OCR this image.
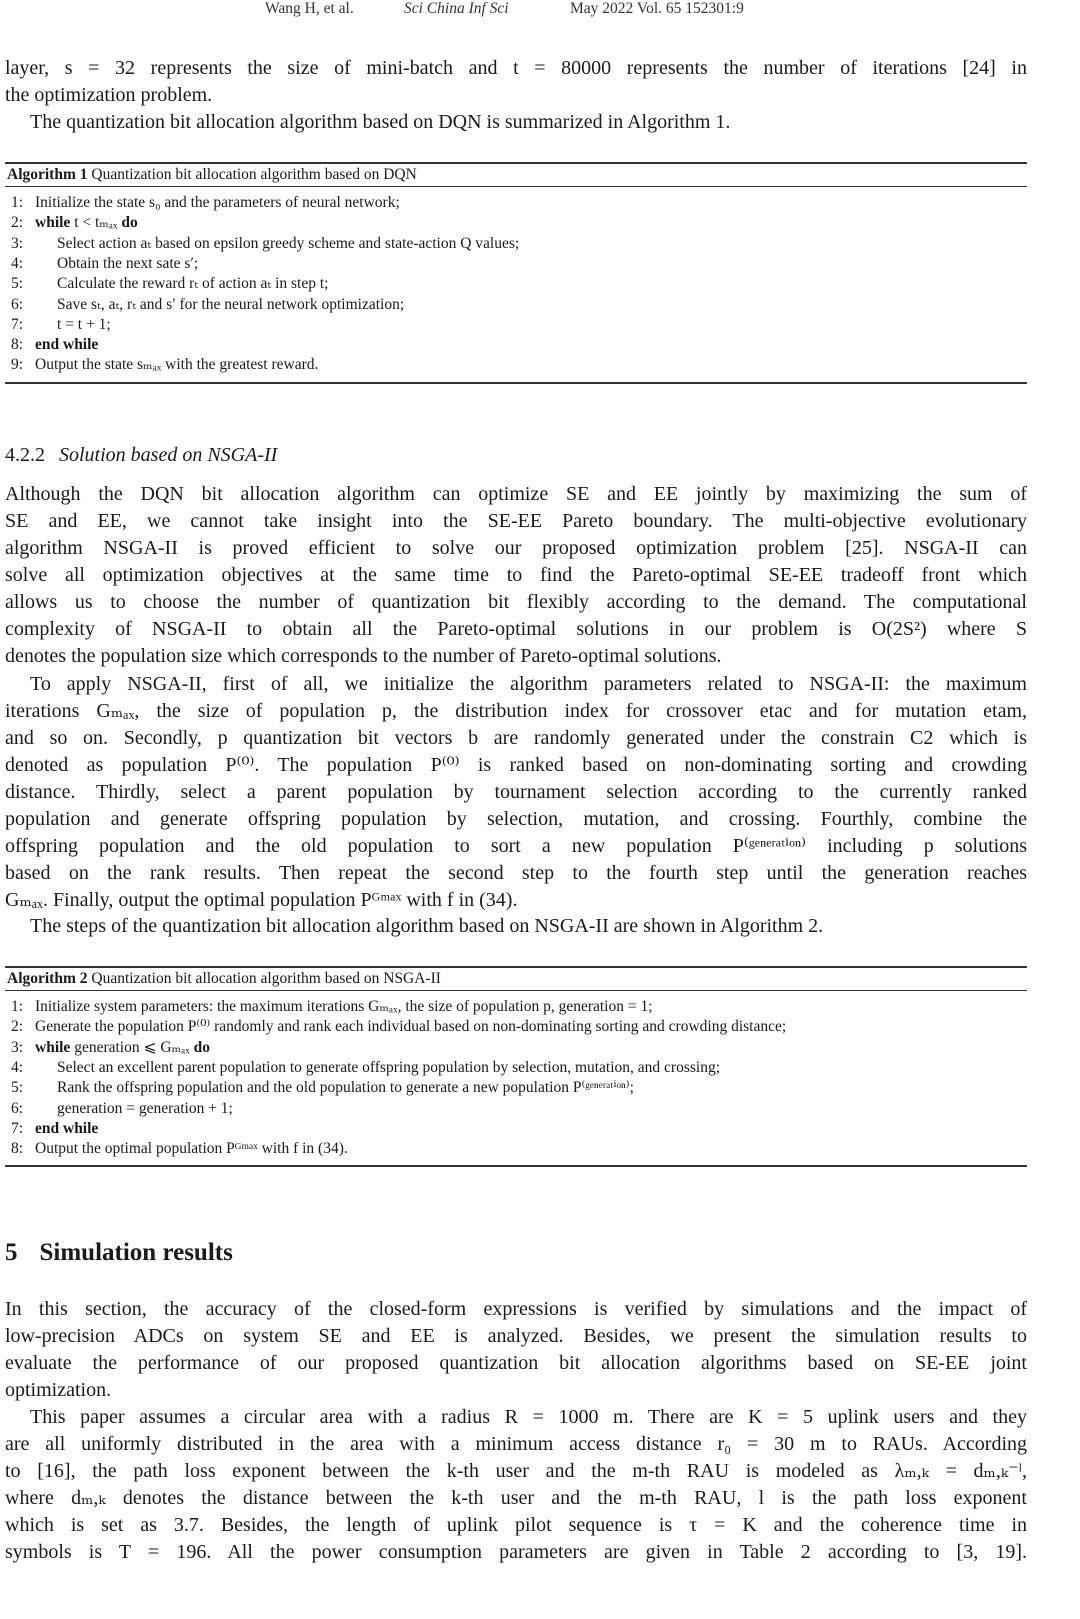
Wang H, et al.	Sci China Inf Sci	May 2022 Vol. 65 152301:9
layer, s = 32 represents the size of mini-batch and t = 80000 represents the number of iterations [24] in
the optimization problem.
The quantization bit allocation algorithm based on DQN is summarized in Algorithm 1.
Algorithm 1 Quantization bit allocation algorithm based on DQN
1: Initialize the state s₀ and the parameters of neural network;
2: while t < tₘₐₓ do
3: Select action aₜ based on epsilon greedy scheme and state-action Q values;
4: Obtain the next sate s′;
5: Calculate the reward rₜ of action aₜ in step t;
6: Save sₜ, aₜ, rₜ and s′ for the neural network optimization;
7: t = t + 1;
8: end while
9: Output the state sₘₐₓ with the greatest reward.
4.2.2 Solution based on NSGA-II
Although the DQN bit allocation algorithm can optimize SE and EE jointly by maximizing the sum of
SE and EE, we cannot take insight into the SE-EE Pareto boundary. The multi-objective evolutionary
algorithm NSGA-II is proved efficient to solve our proposed optimization problem [25]. NSGA-II can
solve all optimization objectives at the same time to find the Pareto-optimal SE-EE tradeoff front which
allows us to choose the number of quantization bit flexibly according to the demand. The computational
complexity of NSGA-II to obtain all the Pareto-optimal solutions in our problem is O(2S²) where S
denotes the population size which corresponds to the number of Pareto-optimal solutions.
To apply NSGA-II, first of all, we initialize the algorithm parameters related to NSGA-II: the maximum
iterations Gₘₐₓ, the size of population p, the distribution index for crossover etac and for mutation etam,
and so on. Secondly, p quantization bit vectors b are randomly generated under the constrain C2 which is
denoted as population P⁽⁰⁾. The population P⁽⁰⁾ is ranked based on non-dominating sorting and crowding
distance. Thirdly, select a parent population by tournament selection according to the currently ranked
population and generate offspring population by selection, mutation, and crossing. Fourthly, combine the
offspring population and the old population to sort a new population P⁽ᵍᵉⁿᵉʳᵃᵗⁱᵒⁿ⁾ including p solutions
based on the rank results. Then repeat the second step to the fourth step until the generation reaches
Gₘₐₓ. Finally, output the optimal population Pᴳᵐᵃˣ with f in (34).
The steps of the quantization bit allocation algorithm based on NSGA-II are shown in Algorithm 2.
Algorithm 2 Quantization bit allocation algorithm based on NSGA-II
1: Initialize system parameters: the maximum iterations Gₘₐₓ, the size of population p, generation = 1;
2: Generate the population P⁽⁰⁾ randomly and rank each individual based on non-dominating sorting and crowding distance;
3: while generation ⩽ Gₘₐₓ do
4: Select an excellent parent population to generate offspring population by selection, mutation, and crossing;
5: Rank the offspring population and the old population to generate a new population P⁽ᵍᵉⁿᵉʳᵃᵗⁱᵒⁿ⁾;
6: generation = generation + 1;
7: end while
8: Output the optimal population Pᴳᵐᵃˣ with f in (34).
5 Simulation results
In this section, the accuracy of the closed-form expressions is verified by simulations and the impact of
low-precision ADCs on system SE and EE is analyzed. Besides, we present the simulation results to
evaluate the performance of our proposed quantization bit allocation algorithms based on SE-EE joint
optimization.
This paper assumes a circular area with a radius R = 1000 m. There are K = 5 uplink users and they
are all uniformly distributed in the area with a minimum access distance r₀ = 30 m to RAUs. According
to [16], the path loss exponent between the k-th user and the m-th RAU is modeled as λₘ,ₖ = dₘ,ₖ⁻ˡ,
where dₘ,ₖ denotes the distance between the k-th user and the m-th RAU, l is the path loss exponent
which is set as 3.7. Besides, the length of uplink pilot sequence is τ = K and the coherence time in
symbols is T = 196. All the power consumption parameters are given in Table 2 according to [3, 19].
